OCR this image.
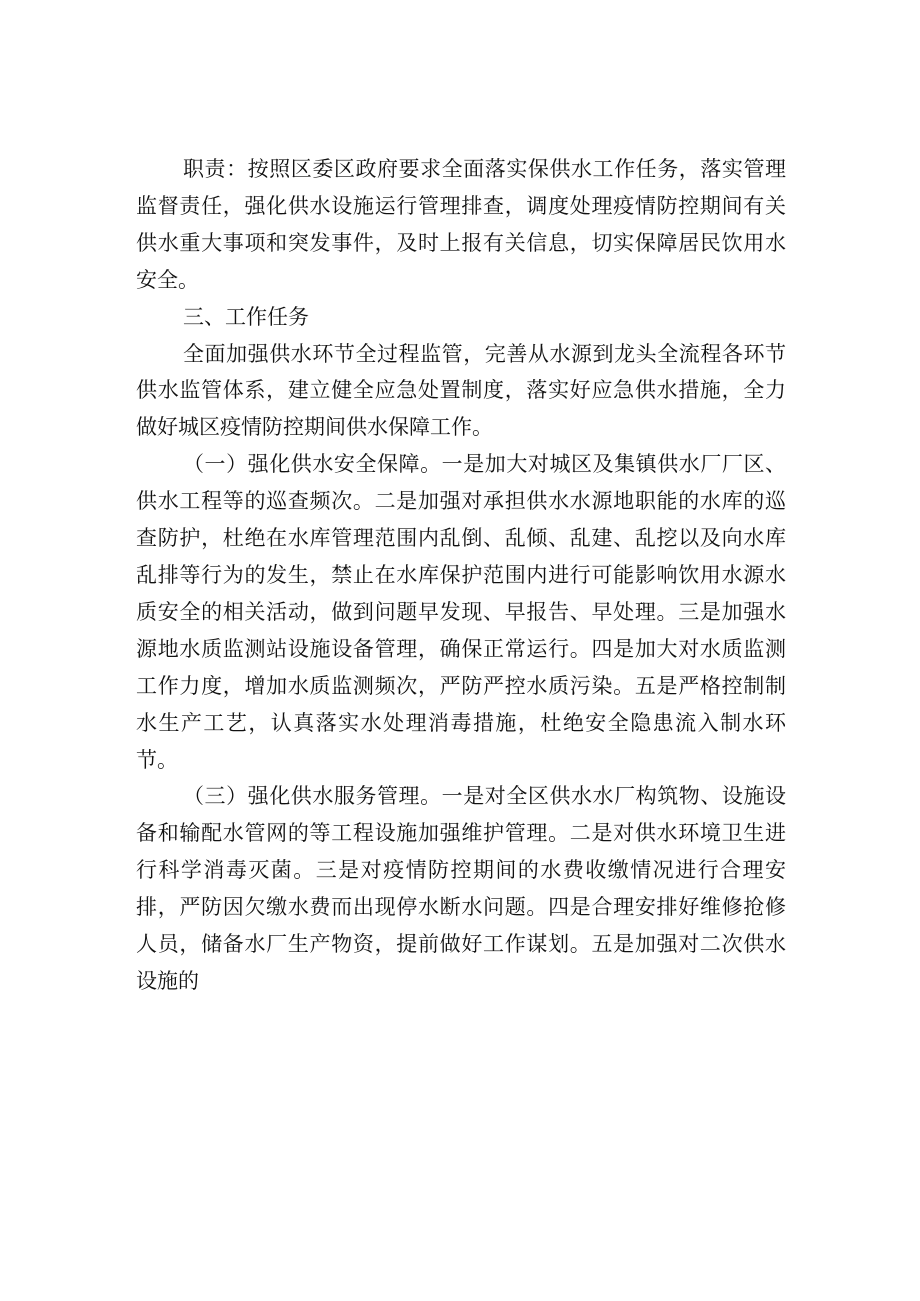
职责：按照区委区政府要求全面落实保供水工作任务，落实管理监督责任，强化供水设施运行管理排查，调度处理疫情防控期间有关供水重大事项和突发事件，及时上报有关信息，切实保障居民饮用水安全。

三、工作任务

全面加强供水环节全过程监管，完善从水源到龙头全流程各环节供水监管体系，建立健全应急处置制度，落实好应急供水措施，全力做好城区疫情防控期间供水保障工作。

（一）强化供水安全保障。一是加大对城区及集镇供水厂厂区、供水工程等的巡查频次。二是加强对承担供水水源地职能的水库的巡查防护，杜绝在水库管理范围内乱倒、乱倾、乱建、乱挖以及向水库乱排等行为的发生，禁止在水库保护范围内进行可能影响饮用水源水质安全的相关活动，做到问题早发现、早报告、早处理。三是加强水源地水质监测站设施设备管理，确保正常运行。四是加大对水质监测工作力度，增加水质监测频次，严防严控水质污染。五是严格控制制水生产工艺，认真落实水处理消毒措施，杜绝安全隐患流入制水环节。

（三）强化供水服务管理。一是对全区供水水厂构筑物、设施设备和输配水管网的等工程设施加强维护管理。二是对供水环境卫生进行科学消毒灭菌。三是对疫情防控期间的水费收缴情况进行合理安排，严防因欠缴水费而出现停水断水问题。四是合理安排好维修抢修人员，储备水厂生产物资，提前做好工作谋划。五是加强对二次供水设施的
